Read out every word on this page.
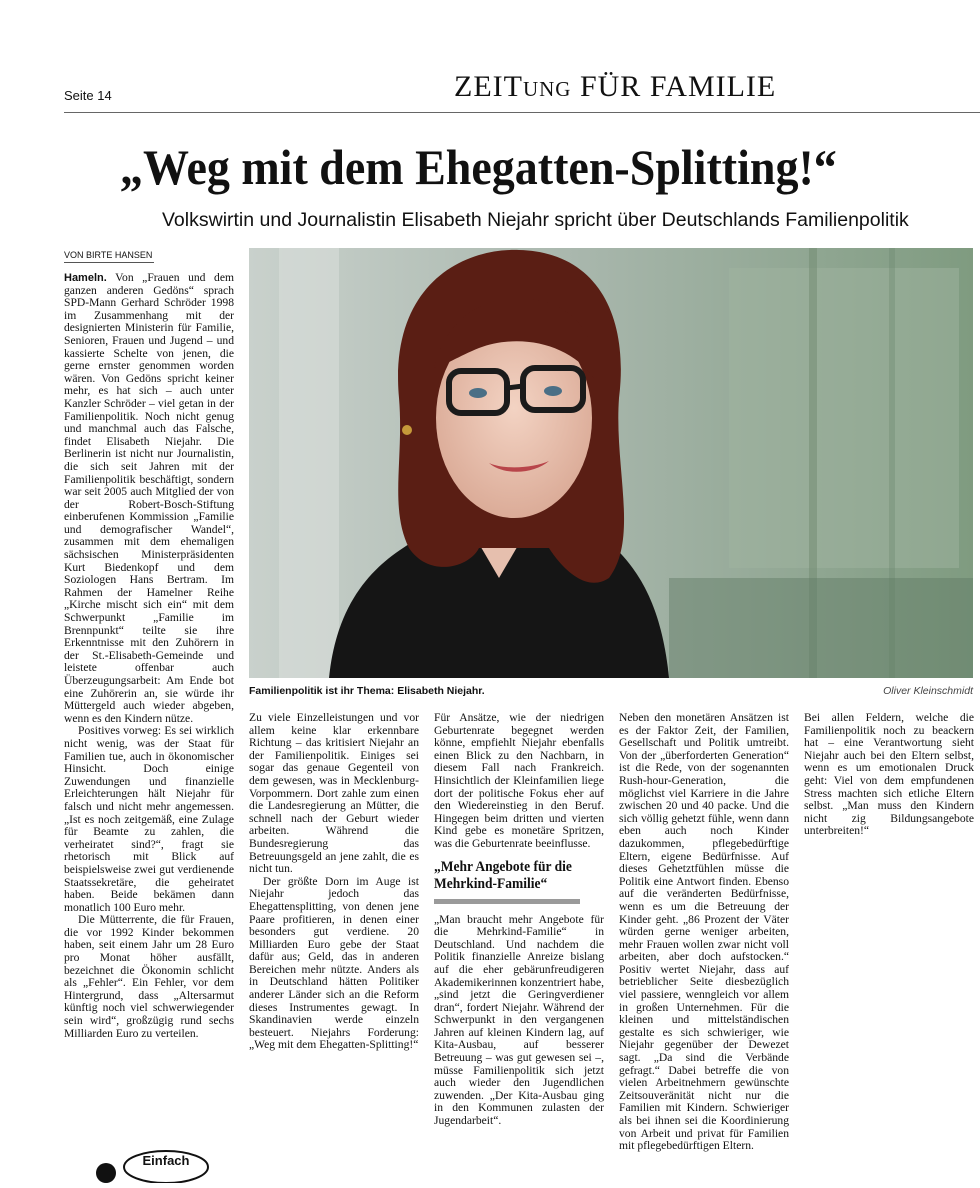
Seite 14	ZEITung FÜR FAMILIE
„Weg mit dem Ehegatten-Splitting!“
Volkswirtin und Journalistin Elisabeth Niejahr spricht über Deutschlands Familienpolitik
VON BIRTE HANSEN
Familienpolitik ist ihr Thema: Elisabeth Niejahr.	Oliver Kleinschmidt

Hameln. Von „Frauen und dem ganzen anderen Gedöns“ sprach SPD-Mann Gerhard Schröder 1998 im Zusammenhang mit der designierten Ministerin für Familie, Senioren, Frauen und Jugend – und kassierte Schelte von jenen, die gerne ernster genommen worden wären. Von Gedöns spricht keiner mehr, es hat sich – auch unter Kanzler Schröder – viel getan in der Familienpolitik. Noch nicht genug und manchmal auch das Falsche, findet Elisabeth Niejahr. Die Berlinerin ist nicht nur Journalistin, die sich seit Jahren mit der Familienpolitik beschäftigt, sondern war seit 2005 auch Mitglied der von der Robert-Bosch-Stiftung einberufenen Kommission „Familie und demografischer Wandel“, zusammen mit dem ehemaligen sächsischen Ministerpräsidenten Kurt Biedenkopf und dem Soziologen Hans Bertram. Im Rahmen der Hamelner Reihe „Kirche mischt sich ein“ mit dem Schwerpunkt „Familie im Brennpunkt“ teilte sie ihre Erkenntnisse mit den Zuhörern in der St.-Elisabeth-Gemeinde und leistete offenbar auch Überzeugungsarbeit: Am Ende bot eine Zuhörerin an, sie würde ihr Müttergeld auch wieder abgeben, wenn es den Kindern nütze.

Positives vorweg: Es sei wirklich nicht wenig, was der Staat für Familien tue, auch in ökonomischer Hinsicht. Doch einige Zuwendungen und finanzielle Erleichterungen hält Niejahr für falsch und nicht mehr angemessen. „Ist es noch zeitgemäß, eine Zulage für Beamte zu zahlen, die verheiratet sind?“, fragt sie rhetorisch mit Blick auf beispielsweise zwei gut verdienende Staatssekretäre, die geheiratet haben. Beide bekämen dann monatlich 100 Euro mehr.

Die Mütterrente, die für Frauen, die vor 1992 Kinder bekommen haben, seit einem Jahr um 28 Euro pro Monat höher ausfällt, bezeichnet die Ökonomin schlicht als „Fehler“. Ein Fehler, vor dem Hintergrund, dass „Altersarmut künftig noch viel schwerwiegender sein wird“, großzügig rund sechs Milliarden Euro zu verteilen.

Zu viele Einzelleistungen und vor allem keine klar erkennbare Richtung – das kritisiert Niejahr an der Familienpolitik. Einiges sei sogar das genaue Gegenteil von dem gewesen, was in Mecklenburg-Vorpommern. Dort zahle zum einen die Landesregierung an Mütter, die schnell nach der Geburt wieder arbeiten. Während die Bundesregierung das Betreuungsgeld an jene zahlt, die es nicht tun.

Der größte Dorn im Auge ist Niejahr jedoch das Ehegattensplitting, von denen jene Paare profitieren, in denen einer besonders gut verdiene. 20 Milliarden Euro gebe der Staat dafür aus; Geld, das in anderen Bereichen mehr nützte. Anders als in Deutschland hätten Politiker anderer Länder sich an die Reform dieses Instrumentes gewagt. In Skandinavien werde einzeln besteuert. Niejahrs Forderung: „Weg mit dem Ehegatten-Splitting!“

Für Ansätze, wie der niedrigen Geburtenrate begegnet werden könne, empfiehlt Niejahr ebenfalls einen Blick zu den Nachbarn, in diesem Fall nach Frankreich. Hinsichtlich der Kleinfamilien liege dort der politische Fokus eher auf den Wiedereinstieg in den Beruf. Hingegen beim dritten und vierten Kind gebe es monetäre Spritzen, was die Geburtenrate beeinflusse.

„Mehr Angebote für die Mehrkind-Familie“

„Man braucht mehr Angebote für die Mehrkind-Familie“ in Deutschland. Und nachdem die Politik finanzielle Anreize bislang auf die eher gebärunfreudigeren Akademikerinnen konzentriert habe, „sind jetzt die Geringverdiener dran“, fordert Niejahr. Während der Schwerpunkt in den vergangenen Jahren auf kleinen Kindern lag, auf Kita-Ausbau, auf besserer Betreuung – was gut gewesen sei –, müsse Familienpolitik sich jetzt auch wieder den Jugendlichen zuwenden. „Der Kita-Ausbau ging in den Kommunen zulasten der Jugendarbeit“.

Neben den monetären Ansätzen ist es der Faktor Zeit, der Familien, Gesellschaft und Politik umtreibt. Von der „überforderten Generation“ ist die Rede, von der sogenannten Rush-hour-Generation, die möglichst viel Karriere in die Jahre zwischen 20 und 40 packe. Und die sich völlig gehetzt fühle, wenn dann eben auch noch Kinder dazukommen, pflegebedürftige Eltern, eigene Bedürfnisse. Auf dieses Gehetztfühlen müsse die Politik eine Antwort finden. Ebenso auf die veränderten Bedürfnisse, wenn es um die Betreuung der Kinder geht. „86 Prozent der Väter würden gerne weniger arbeiten, mehr Frauen wollen zwar nicht voll arbeiten, aber doch aufstocken.“ Positiv wertet Niejahr, dass auf betrieblicher Seite diesbezüglich viel passiere, wenngleich vor allem in großen Unternehmen. Für die kleinen und mittelständischen gestalte es sich schwieriger, wie Niejahr gegenüber der Dewezet sagt. „Da sind die Verbände gefragt.“ Dabei betreffe die von vielen Arbeitnehmern gewünschte Zeitsouveränität nicht nur die Familien mit Kindern. Schwieriger als bei ihnen sei die Koordinierung von Arbeit und privat für Familien mit pflegebedürftigen Eltern.

Bei allen Feldern, welche die Familienpolitik noch zu beackern hat – eine Verantwortung sieht Niejahr auch bei den Eltern selbst, wenn es um emotionalen Druck geht: Viel von dem empfundenen Stress machten sich etliche Eltern selbst. „Man muss den Kindern nicht zig Bildungsangebote unterbreiten!“

Einfach
